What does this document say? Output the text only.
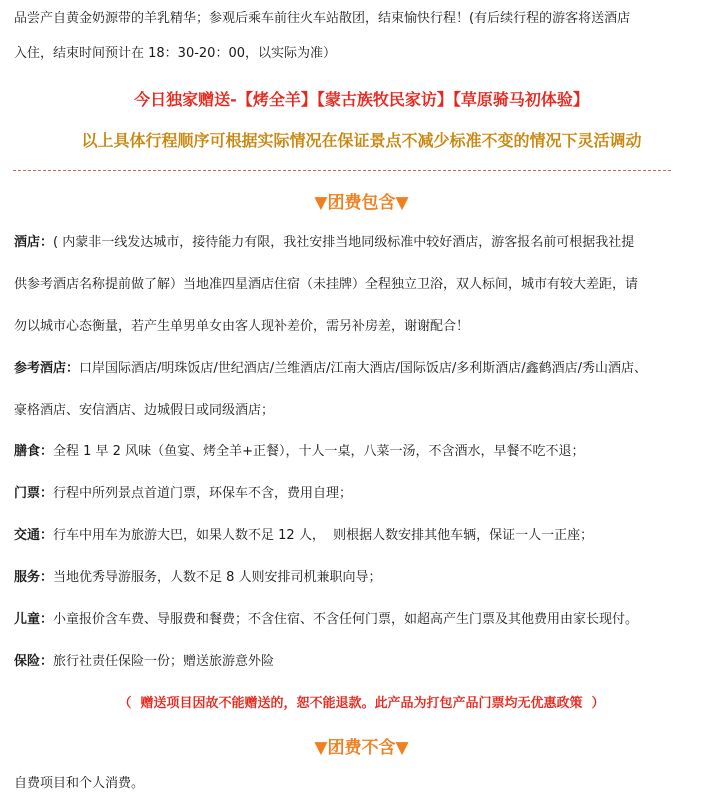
品尝产自黄金奶源带的羊乳精华；参观后乘车前往火车站散团，结束愉快行程！(有后续行程的游客将送酒店
入住，结束时间预计在 18：30-20：00，以实际为准）
今日独家赠送-【烤全羊】【蒙古族牧民家访】【草原骑马初体验】
以上具体行程顺序可根据实际情况在保证景点不减少标准不变的情况下灵活调动
▼团费包含▼
酒店：( 内蒙非一线发达城市，接待能力有限，我社安排当地同级标准中较好酒店，游客报名前可根据我社提
供参考酒店名称提前做了解）当地准四星酒店住宿（未挂牌）全程独立卫浴，双人标间，城市有较大差距，请
勿以城市心态衡量，若产生单男单女由客人现补差价，需另补房差，谢谢配合！
参考酒店：口岸国际酒店/明珠饭店/世纪酒店/兰维酒店/江南大酒店/国际饭店/多利斯酒店/鑫鹤酒店/秀山酒店、
豪格酒店、安信酒店、边城假日或同级酒店；
膳食：全程 1 早 2 风味（鱼宴、烤全羊+正餐），十人一桌，八菜一汤，不含酒水，早餐不吃不退；
门票：行程中所列景点首道门票，环保车不含，费用自理；
交通：行车中用车为旅游大巴，如果人数不足 12 人，  则根据人数安排其他车辆，保证一人一正座；
服务：当地优秀导游服务，人数不足 8 人则安排司机兼职向导；
儿童：小童报价含车费、导服费和餐费；不含住宿、不含任何门票，如超高产生门票及其他费用由家长现付。
保险：旅行社责任保险一份；赠送旅游意外险
（  赠送项目因故不能赠送的，恕不能退款。此产品为打包产品门票均无优惠政策  ）
▼团费不含▼
自费项目和个人消费。
